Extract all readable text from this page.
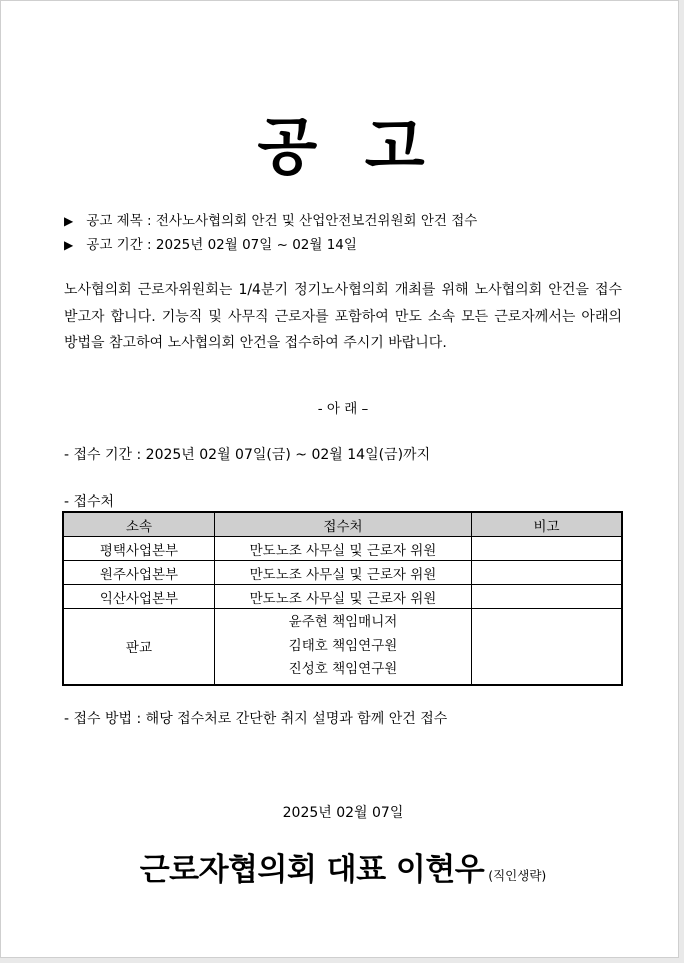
공 고
▶ 공고 제목 : 전사노사협의회 안건 및 산업안전보건위원회 안건 접수
▶ 공고 기간 : 2025년 02월 07일 ~ 02월 14일
노사협의회 근로자위원회는 1/4분기 정기노사협의회 개최를 위해 노사협의회 안건을 접수 받고자 합니다. 기능직 및 사무직 근로자를 포함하여 만도 소속 모든 근로자께서는 아래의 방법을 참고하여 노사협의회 안건을 접수하여 주시기 바랍니다.
- 아 래 –
- 접수 기간 : 2025년 02월 07일(금) ~ 02월 14일(금)까지
- 접수처
소속	접수처	비고
평택사업본부	만도노조 사무실 및 근로자 위원	
원주사업본부	만도노조 사무실 및 근로자 위원	
익산사업본부	만도노조 사무실 및 근로자 위원	
판교	윤주현 책임매니저
김태호 책임연구원
진성호 책임연구원	

- 접수 방법 : 해당 접수처로 간단한 취지 설명과 함께 안건 접수
2025년 02월 07일
근로자협의회 대표 이현우 (직인생략)
